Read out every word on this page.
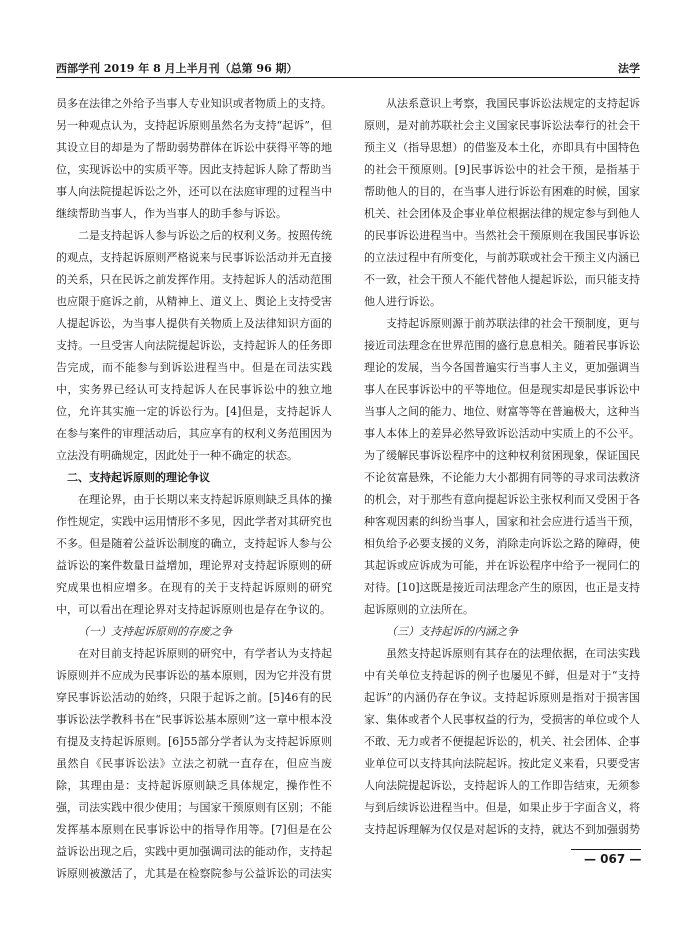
西部学刊 2019 年 8 月上半月刊（总第 96 期）	法学

员多在法律之外给予当事人专业知识或者物质上的支持。另一种观点认为，支持起诉原则虽然名为支持“起诉”，但其设立目的却是为了帮助弱势群体在诉讼中获得平等的地位，实现诉讼中的实质平等。因此支持起诉人除了帮助当事人向法院提起诉讼之外，还可以在法庭审理的过程当中继续帮助当事人，作为当事人的助手参与诉讼。

二是支持起诉人参与诉讼之后的权利义务。按照传统的观点，支持起诉原则严格说来与民事诉讼活动并无直接的关系，只在民诉之前发挥作用。支持起诉人的活动范围也应限于庭诉之前，从精神上、道义上、舆论上支持受害人提起诉讼，为当事人提供有关物质上及法律知识方面的支持。一旦受害人向法院提起诉讼，支持起诉人的任务即告完成，而不能参与到诉讼进程当中。但是在司法实践中，实务界已经认可支持起诉人在民事诉讼中的独立地位，允许其实施一定的诉讼行为。[4]但是，支持起诉人在参与案件的审理活动后，其应享有的权利义务范围因为立法没有明确规定，因此处于一种不确定的状态。

二、支持起诉原则的理论争议

在理论界，由于长期以来支持起诉原则缺乏具体的操作性规定，实践中运用情形不多见，因此学者对其研究也不多。但是随着公益诉讼制度的确立，支持起诉人参与公益诉讼的案件数量日益增加，理论界对支持起诉原则的研究成果也相应增多。在现有的关于支持起诉原则的研究中，可以看出在理论界对支持起诉原则也是存在争议的。

（一）支持起诉原则的存废之争

在对目前支持起诉原则的研究中，有学者认为支持起诉原则并不应成为民事诉讼的基本原则，因为它并没有贯穿民事诉讼活动的始终，只限于起诉之前。[5]46有的民事诉讼法学教科书在“民事诉讼基本原则”这一章中根本没有提及支持起诉原则。[6]55部分学者认为支持起诉原则虽然自《民事诉讼法》立法之初就一直存在，但应当废除，其理由是：支持起诉原则缺乏具体规定，操作性不强，司法实践中很少使用；与国家干预原则有区别；不能发挥基本原则在民事诉讼中的指导作用等。[7]但是在公益诉讼出现之后，实践中更加强调司法的能动作，支持起诉原则被激活了，尤其是在检察院参与公益诉讼的司法实

从法系意识上考察，我国民事诉讼法规定的支持起诉原则，是对前苏联社会主义国家民事诉讼法奉行的社会干预主义（指导思想）的借鉴及本土化，亦即具有中国特色的社会干预原则。[9]民事诉讼中的社会干预，是指基于帮助他人的目的，在当事人进行诉讼有困难的时候，国家机关、社会团体及企事业单位根据法律的规定参与到他人的民事诉讼进程当中。当然社会干预原则在我国民事诉讼的立法过程中有所变化，与前苏联或社会干预主义内涵已不一致，社会干预人不能代替他人提起诉讼，而只能支持他人进行诉讼。

支持起诉原则源于前苏联法律的社会干预制度，更与接近司法理念在世界范围的盛行息息相关。随着民事诉讼理论的发展，当今各国普遍实行当事人主义，更加强调当事人在民事诉讼中的平等地位。但是现实却是民事诉讼中当事人之间的能力、地位、财富等等在普遍极大，这种当事人本体上的差异必然导致诉讼活动中实质上的不公平。为了缓解民事诉讼程序中的这种权利贫困现象，保证国民不论贫富悬殊，不论能力大小都拥有同等的寻求司法救济的机会，对于那些有意向提起诉讼主张权利而又受困于各种客观因素的纠纷当事人，国家和社会应进行适当干预，相负给予必要支援的义务，消除走向诉讼之路的障碍，使其起诉或应诉成为可能，并在诉讼程序中给予一视同仁的对待。[10]这既是接近司法理念产生的原因，也正是支持起诉原则的立法所在。

（三）支持起诉的内涵之争

虽然支持起诉原则有其存在的法理依据，在司法实践中有关单位支持起诉的例子也屡见不鲜，但是对于“支持起诉”的内涵仍存在争议。支持起诉原则是指对于损害国家、集体或者个人民事权益的行为，受损害的单位或个人不敢、无力或者不便提起诉讼的，机关、社会团体、企事业单位可以支持其向法院起诉。按此定义来看，只要受害人向法院提起诉讼，支持起诉人的工作即告结束，无须参与到后续诉讼进程当中。但是，如果止步于字面含义，将支持起诉理解为仅仅是对起诉的支持，就达不到加强弱势

— 067 —
